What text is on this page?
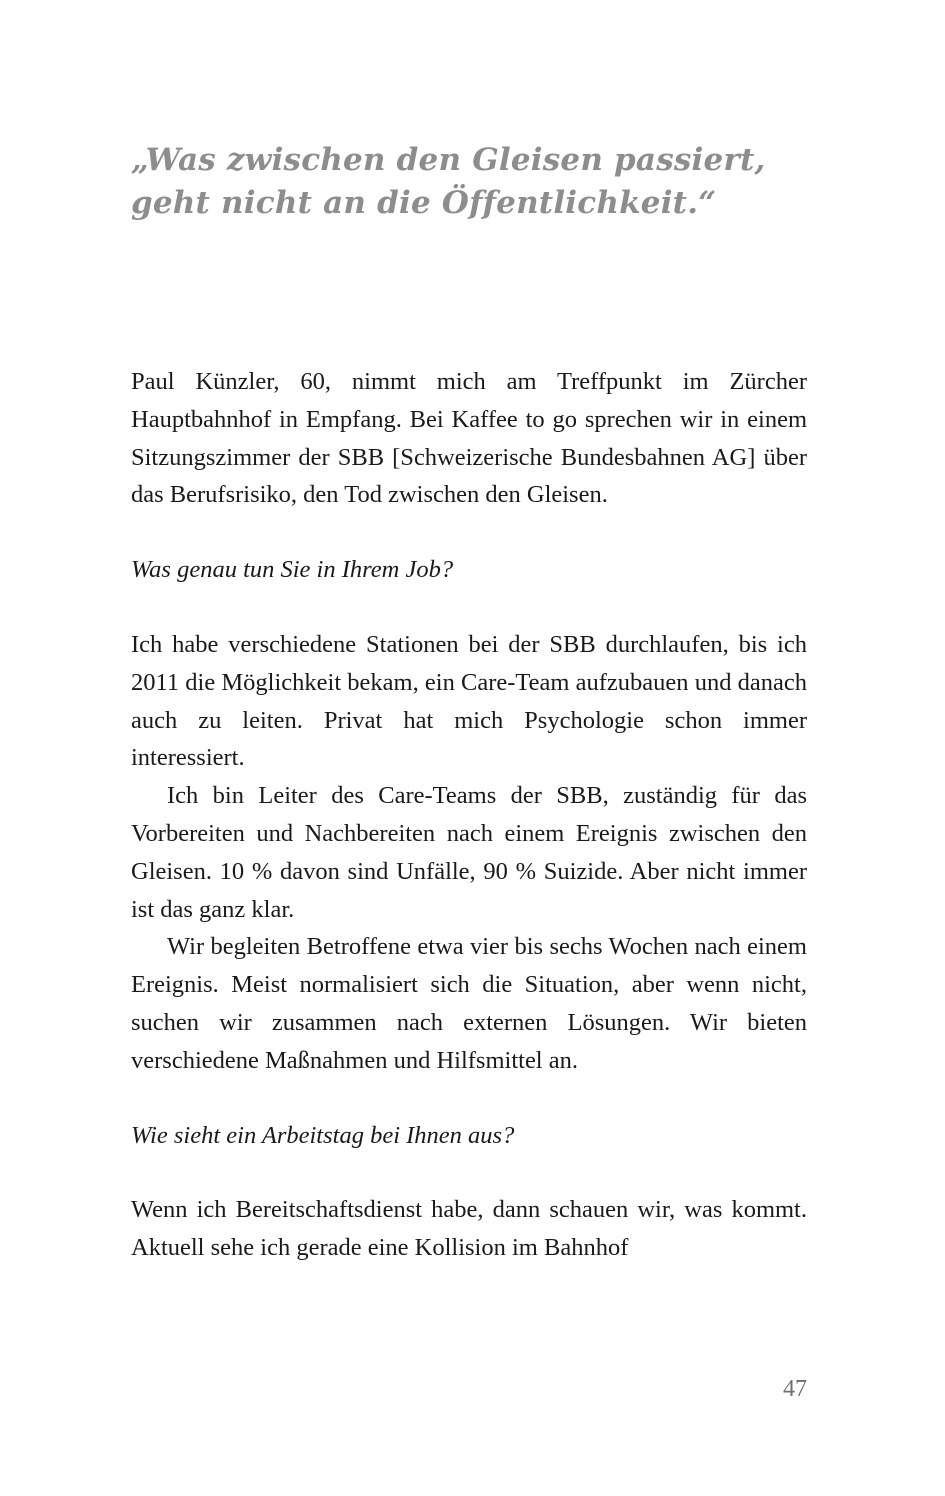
„Was zwischen den Gleisen passiert,
geht nicht an die Öffentlichkeit.“

Paul Künzler, 60, nimmt mich am Treffpunkt im Zürcher Hauptbahnhof in Empfang. Bei Kaffee to go sprechen wir in einem Sitzungszimmer der SBB [Schweizerische Bundesbahnen AG] über das Berufsrisiko, den Tod zwischen den Gleisen.

Was genau tun Sie in Ihrem Job?

Ich habe verschiedene Stationen bei der SBB durchlaufen, bis ich 2011 die Möglichkeit bekam, ein Care-Team aufzubauen und danach auch zu leiten. Privat hat mich Psychologie schon immer interessiert.

Ich bin Leiter des Care-Teams der SBB, zuständig für das Vorbereiten und Nachbereiten nach einem Ereignis zwischen den Gleisen. 10 % davon sind Unfälle, 90 % Suizide. Aber nicht immer ist das ganz klar.

Wir begleiten Betroffene etwa vier bis sechs Wochen nach einem Ereignis. Meist normalisiert sich die Situation, aber wenn nicht, suchen wir zusammen nach externen Lösungen. Wir bieten verschiedene Maßnahmen und Hilfsmittel an.

Wie sieht ein Arbeitstag bei Ihnen aus?

Wenn ich Bereitschaftsdienst habe, dann schauen wir, was kommt. Aktuell sehe ich gerade eine Kollision im Bahnhof

47
